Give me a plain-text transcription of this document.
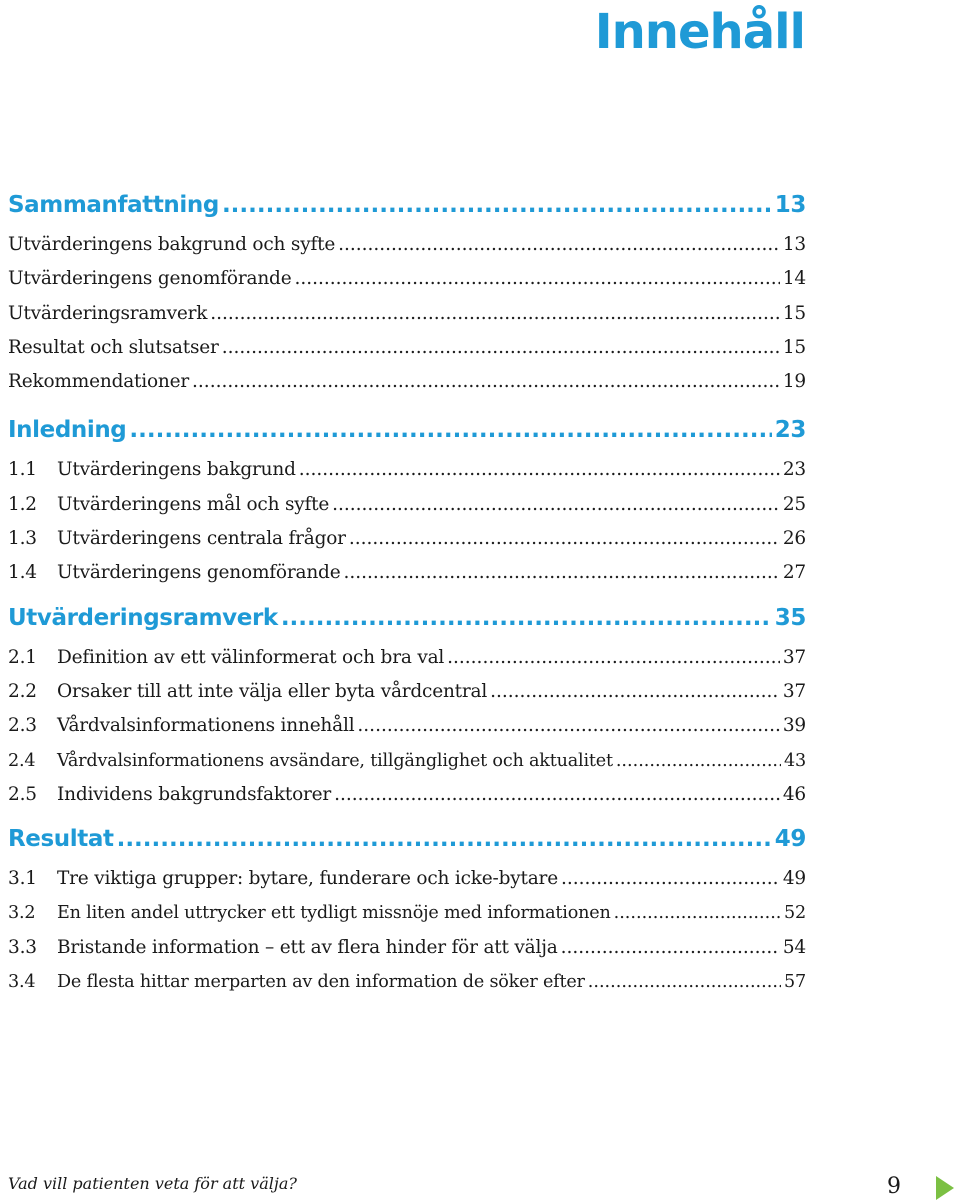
Innehåll
Sammanfattning .....	13
Utvärderingens bakgrund och syfte .....	13
Utvärderingens genomförande .....	14
Utvärderingsramverk .....	15
Resultat och slutsatser .....	15
Rekommendationer .....	19
Inledning .....	23
1.1	Utvärderingens bakgrund .....	23
1.2	Utvärderingens mål och syfte .....	25
1.3	Utvärderingens centrala frågor .....	26
1.4	Utvärderingens genomförande .....	27
Utvärderingsramverk .....	35
2.1	Definition av ett välinformerat och bra val .....	37
2.2	Orsaker till att inte välja eller byta vårdcentral .....	37
2.3	Vårdvalsinformationens innehåll .....	39
2.4	Vårdvalsinformationens avsändare, tillgänglighet och aktualitet .....	43
2.5	Individens bakgrundsfaktorer .....	46
Resultat .....	49
3.1	Tre viktiga grupper: bytare, funderare och icke-bytare .....	49
3.2	En liten andel uttrycker ett tydligt missnöje med informationen .....	52
3.3	Bristande information – ett av flera hinder för att välja .....	54
3.4	De flesta hittar merparten av den information de söker efter .....	57
Vad vill patienten veta för att välja?	9
